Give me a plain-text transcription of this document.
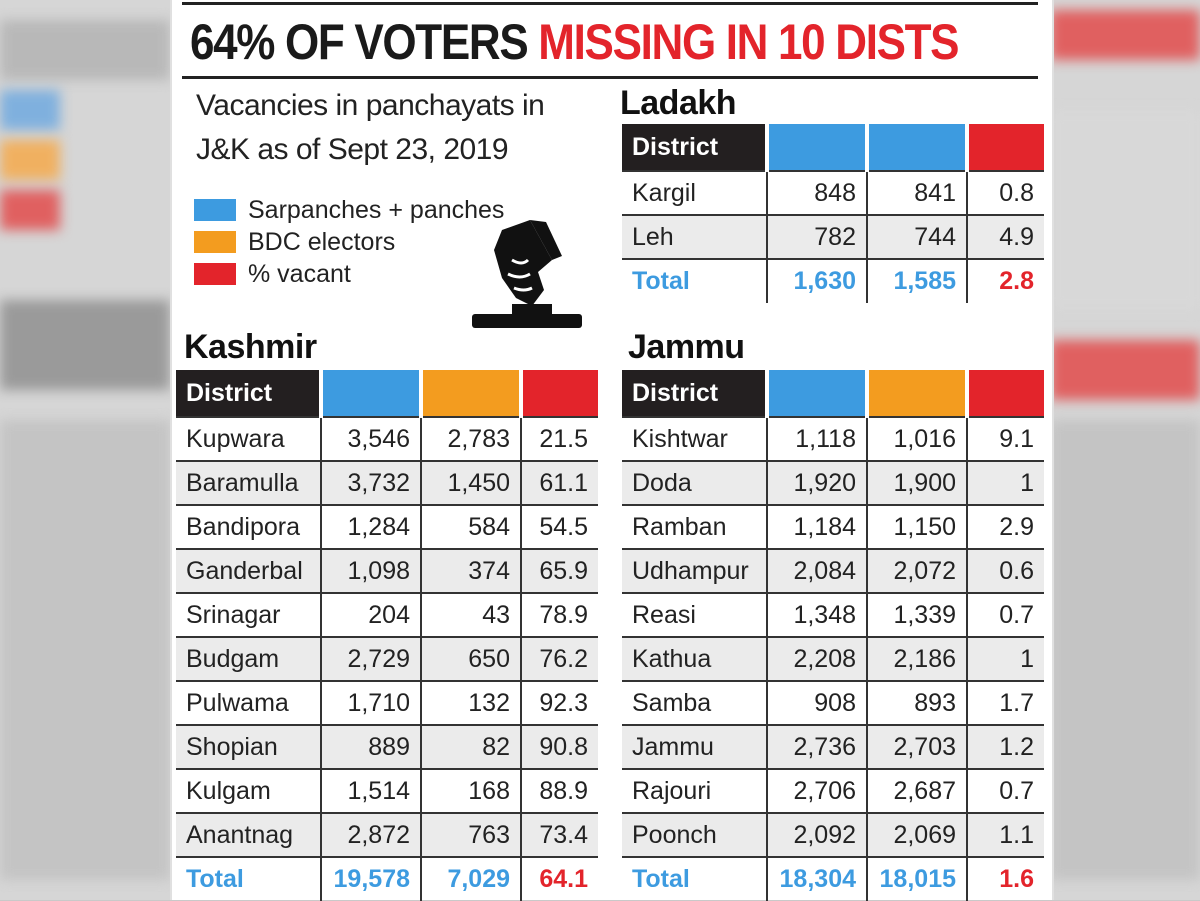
64% OF VOTERS MISSING IN 10 DISTS
Vacancies in panchayats in
J&K as of Sept 23, 2019
Sarpanches + panches
BDC electors
% vacant
Ladakh
District			
Kargil	848	841	0.8
Leh	782	744	4.9
Total	1,630	1,585	2.8
Kashmir
District			
Kupwara	3,546	2,783	21.5
Baramulla	3,732	1,450	61.1
Bandipora	1,284	584	54.5
Ganderbal	1,098	374	65.9
Srinagar	204	43	78.9
Budgam	2,729	650	76.2
Pulwama	1,710	132	92.3
Shopian	889	82	90.8
Kulgam	1,514	168	88.9
Anantnag	2,872	763	73.4
Total	19,578	7,029	64.1
Jammu
District			
Kishtwar	1,118	1,016	9.1
Doda	1,920	1,900	1
Ramban	1,184	1,150	2.9
Udhampur	2,084	2,072	0.6
Reasi	1,348	1,339	0.7
Kathua	2,208	2,186	1
Samba	908	893	1.7
Jammu	2,736	2,703	1.2
Rajouri	2,706	2,687	0.7
Poonch	2,092	2,069	1.1
Total	18,304	18,015	1.6
